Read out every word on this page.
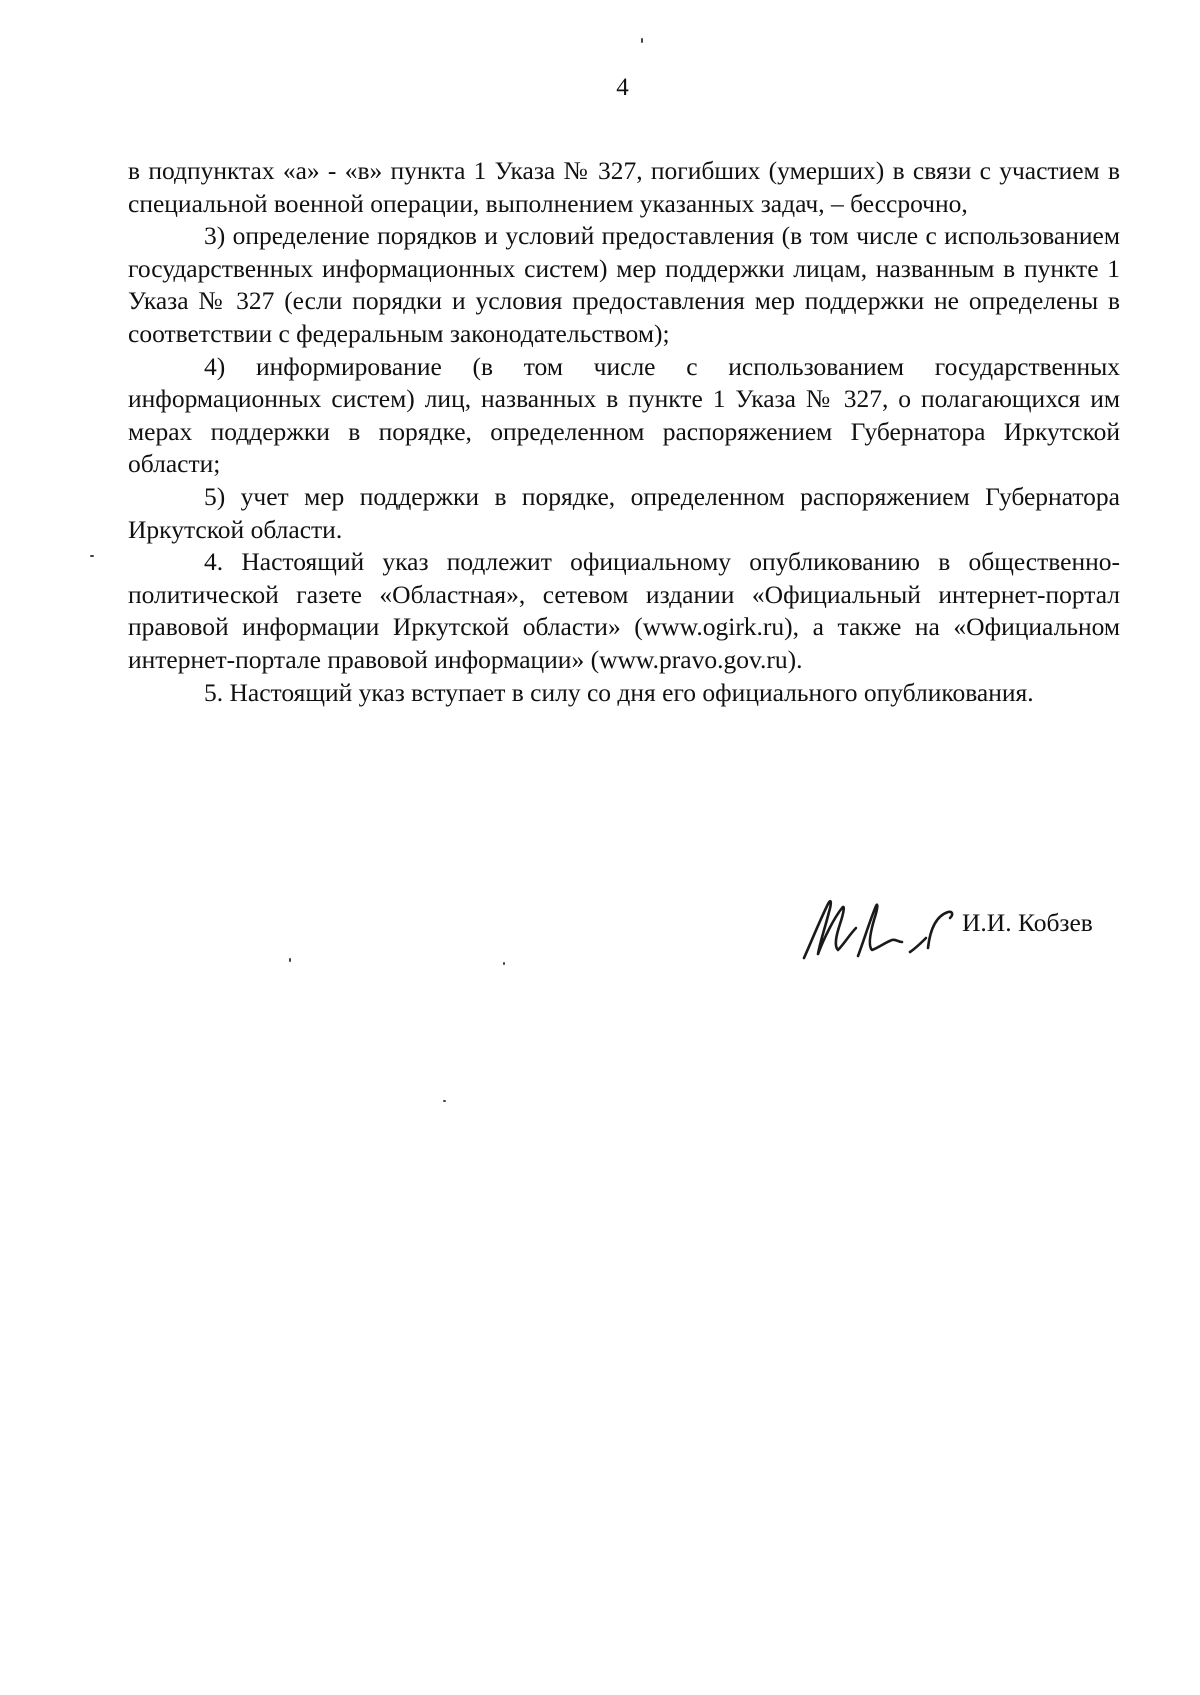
4

в подпунктах «а» - «в» пункта 1 Указа № 327, погибших (умерших) в связи с участием в специальной военной операции, выполнением указанных задач, – бессрочно,

3) определение порядков и условий предоставления (в том числе с использованием государственных информационных систем) мер поддержки лицам, названным в пункте 1 Указа № 327 (если порядки и условия предоставления мер поддержки не определены в соответствии с федеральным законодательством);

4) информирование (в том числе с использованием государственных информационных систем) лиц, названных в пункте 1 Указа № 327, о полагающихся им мерах поддержки в порядке, определенном распоряжением Губернатора Иркутской области;

5) учет мер поддержки в порядке, определенном распоряжением Губернатора Иркутской области.

4. Настоящий указ подлежит официальному опубликованию в общественно-политической газете «Областная», сетевом издании «Официальный интернет-портал правовой информации Иркутской области» (www.ogirk.ru), а также на «Официальном интернет-портале правовой информации» (www.pravo.gov.ru).

5. Настоящий указ вступает в силу со дня его официального опубликования.

И.И. Кобзев
